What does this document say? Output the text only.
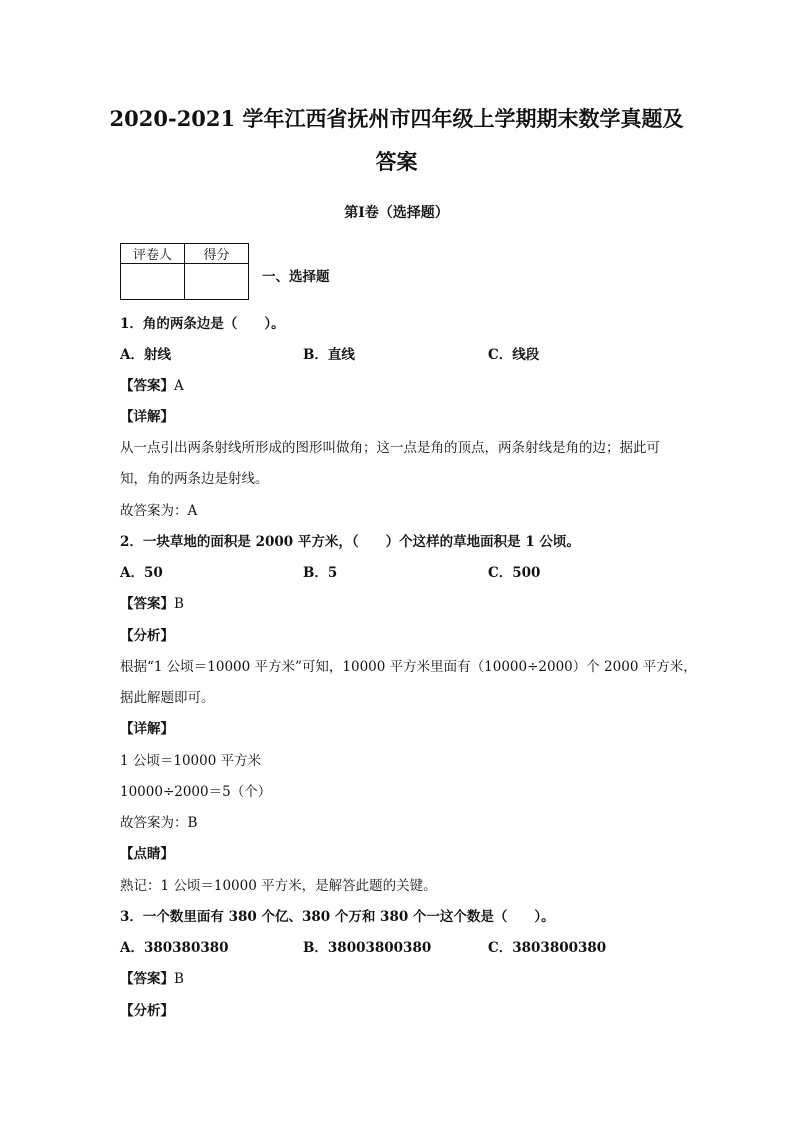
2020-2021 学年江西省抚州市四年级上学期期末数学真题及
答案
第Ⅰ卷（选择题）
评卷人	得分

一、选择题
1．角的两条边是（　　）。
A．射线	B．直线	C．线段
【答案】A
【详解】
从一点引出两条射线所形成的图形叫做角；这一点是角的顶点，两条射线是角的边；据此可
知，角的两条边是射线。
故答案为：A
2．一块草地的面积是 2000 平方米，（　　）个这样的草地面积是 1 公顷。
A．50	B．5	C．500
【答案】B
【分析】
根据“1 公顷＝10000 平方米”可知，10000 平方米里面有（10000÷2000）个 2000 平方米，
据此解题即可。
【详解】
1 公顷＝10000 平方米
10000÷2000＝5（个）
故答案为：B
【点睛】
熟记：1 公顷＝10000 平方米，是解答此题的关键。
3．一个数里面有 380 个亿、380 个万和 380 个一这个数是（　　）。
A．380380380	B．38003800380	C．3803800380
【答案】B
【分析】
